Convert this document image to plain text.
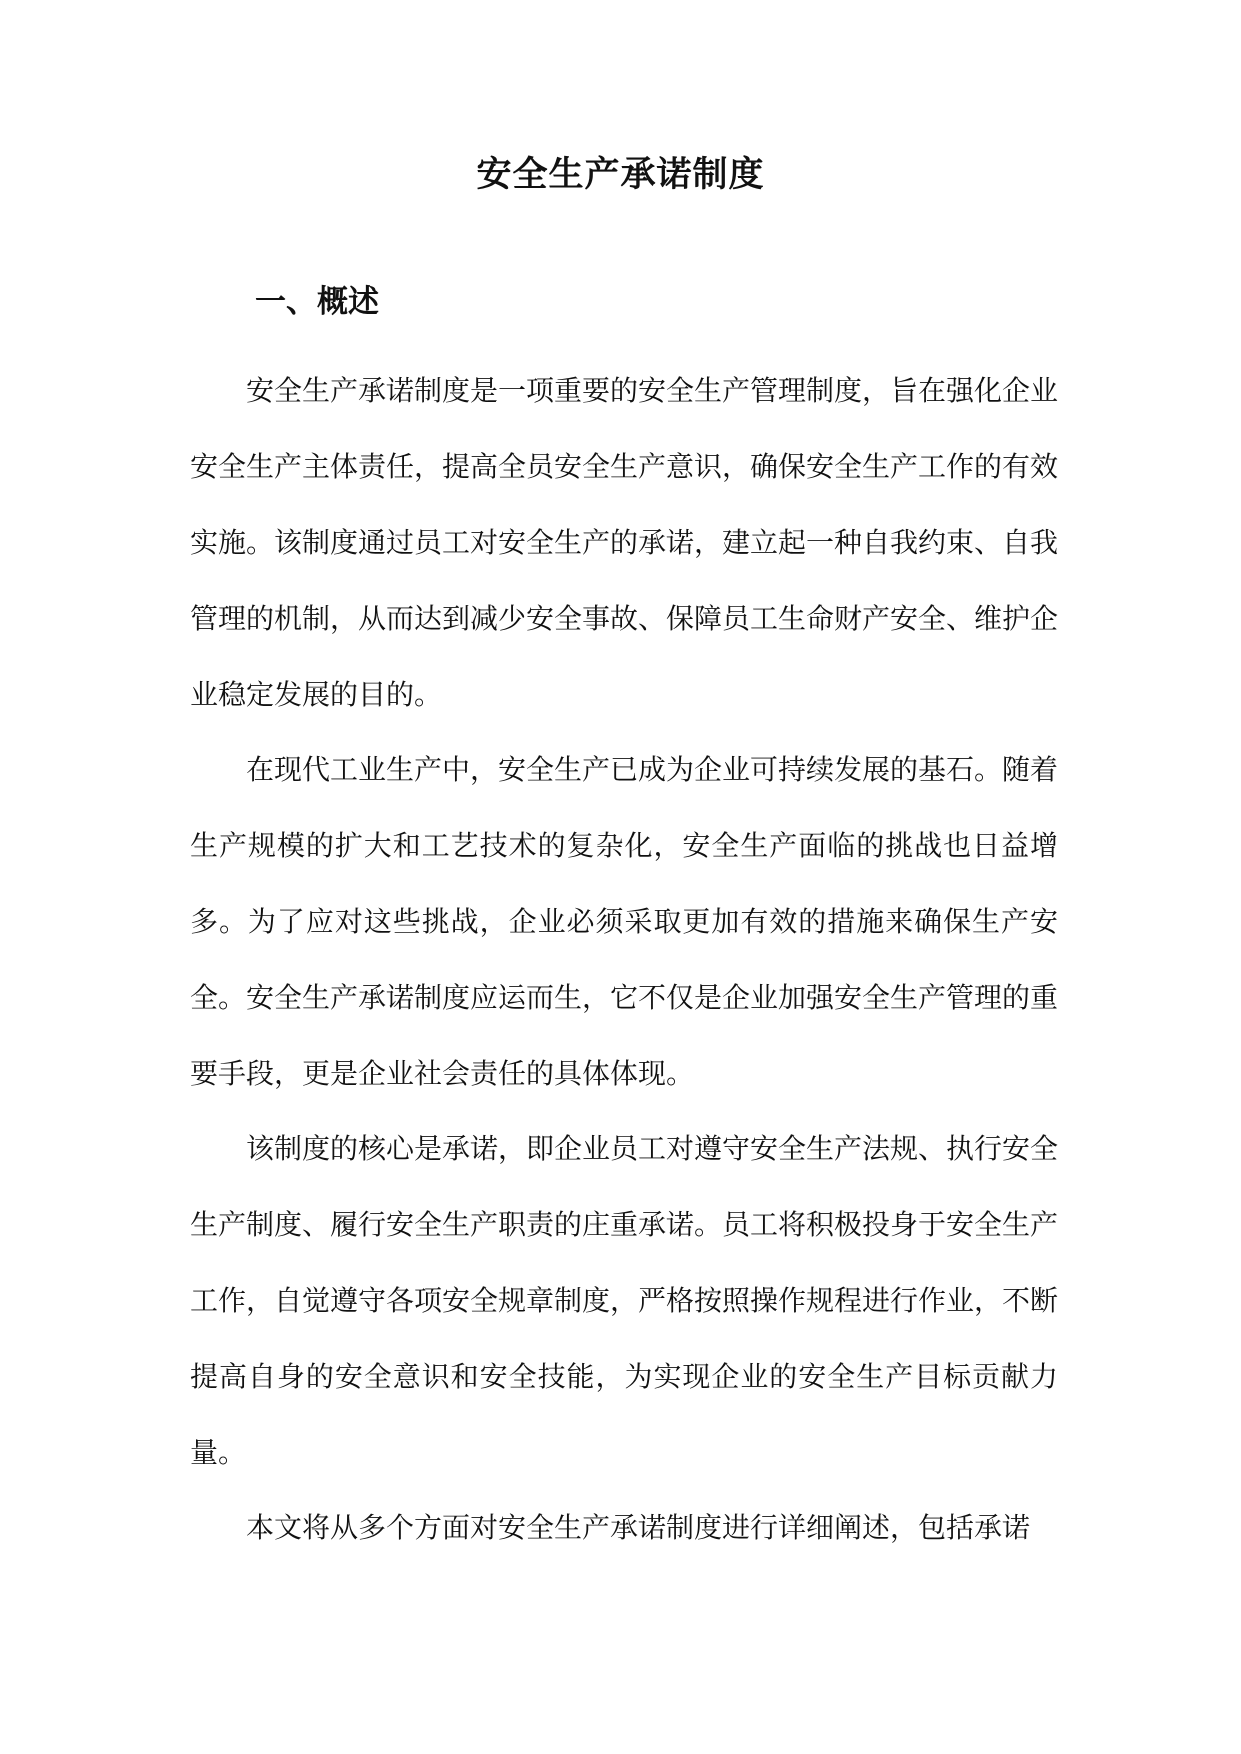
安全生产承诺制度
一、概述

安全生产承诺制度是一项重要的安全生产管理制度，旨在强化企业安全生产主体责任，提高全员安全生产意识，确保安全生产工作的有效实施。该制度通过员工对安全生产的承诺，建立起一种自我约束、自我管理的机制，从而达到减少安全事故、保障员工生命财产安全、维护企业稳定发展的目的。

在现代工业生产中，安全生产已成为企业可持续发展的基石。随着生产规模的扩大和工艺技术的复杂化，安全生产面临的挑战也日益增多。为了应对这些挑战，企业必须采取更加有效的措施来确保生产安全。安全生产承诺制度应运而生，它不仅是企业加强安全生产管理的重要手段，更是企业社会责任的具体体现。

该制度的核心是承诺，即企业员工对遵守安全生产法规、执行安全生产制度、履行安全生产职责的庄重承诺。员工将积极投身于安全生产工作，自觉遵守各项安全规章制度，严格按照操作规程进行作业，不断提高自身的安全意识和安全技能，为实现企业的安全生产目标贡献力量。

本文将从多个方面对安全生产承诺制度进行详细阐述，包括承诺
